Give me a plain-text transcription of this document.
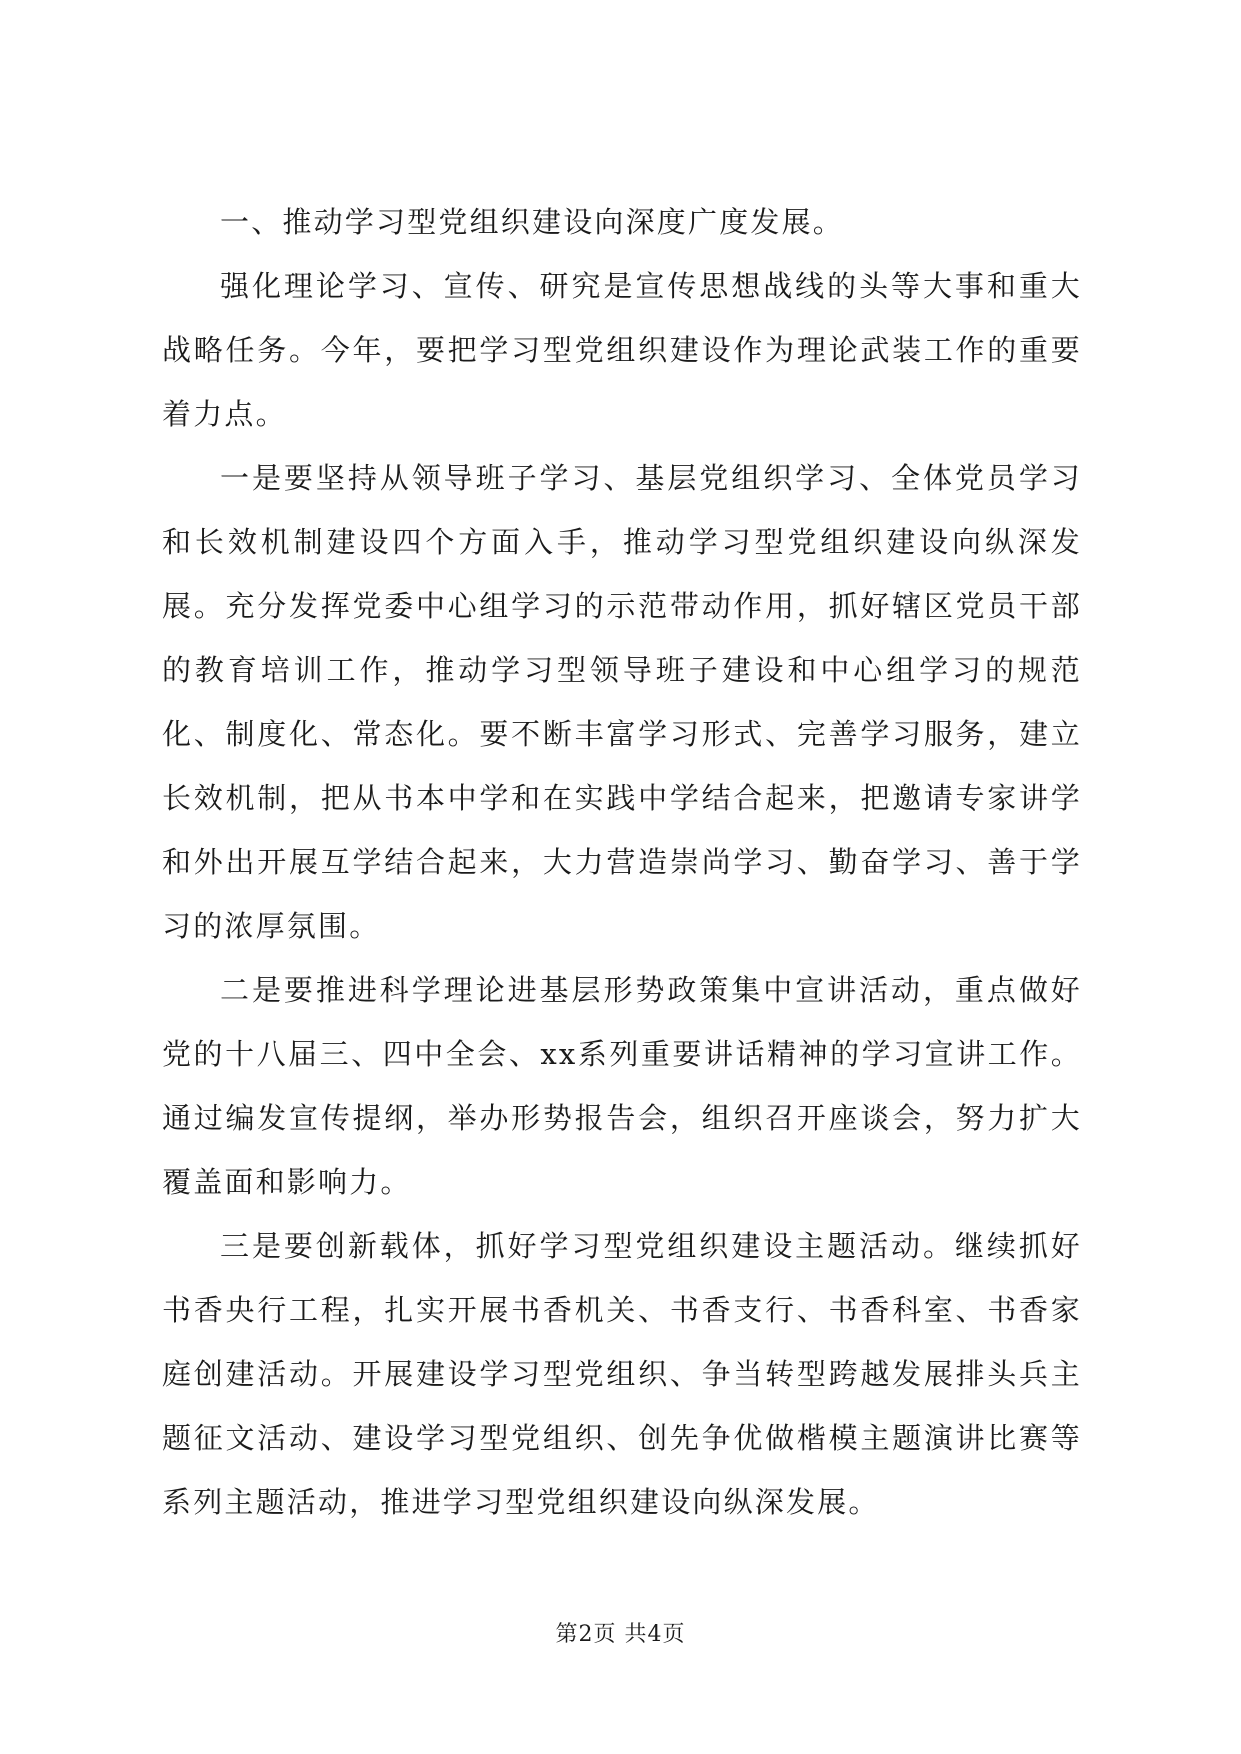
一、推动学习型党组织建设向深度广度发展。

强化理论学习、宣传、研究是宣传思想战线的头等大事和重大战略任务。今年，要把学习型党组织建设作为理论武装工作的重要着力点。

一是要坚持从领导班子学习、基层党组织学习、全体党员学习和长效机制建设四个方面入手，推动学习型党组织建设向纵深发展。充分发挥党委中心组学习的示范带动作用，抓好辖区党员干部的教育培训工作，推动学习型领导班子建设和中心组学习的规范化、制度化、常态化。要不断丰富学习形式、完善学习服务，建立长效机制，把从书本中学和在实践中学结合起来，把邀请专家讲学和外出开展互学结合起来，大力营造崇尚学习、勤奋学习、善于学习的浓厚氛围。

二是要推进科学理论进基层形势政策集中宣讲活动，重点做好党的十八届三、四中全会、xx系列重要讲话精神的学习宣讲工作。通过编发宣传提纲，举办形势报告会，组织召开座谈会，努力扩大覆盖面和影响力。

三是要创新载体，抓好学习型党组织建设主题活动。继续抓好书香央行工程，扎实开展书香机关、书香支行、书香科室、书香家庭创建活动。开展建设学习型党组织、争当转型跨越发展排头兵主题征文活动、建设学习型党组织、创先争优做楷模主题演讲比赛等系列主题活动，推进学习型党组织建设向纵深发展。

第2页 共4页
